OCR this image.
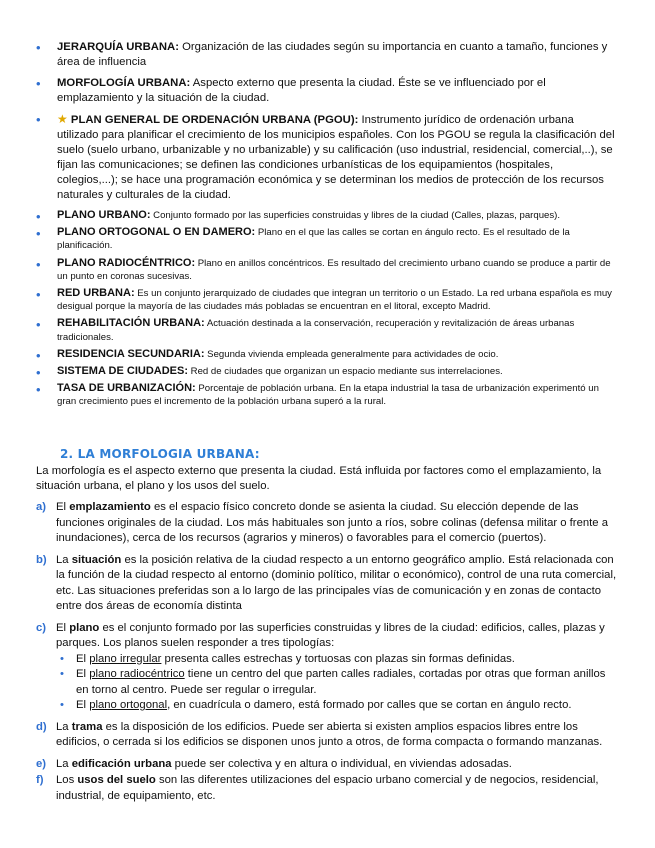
• JERARQUÍA URBANA: Organización de las ciudades según su importancia en cuanto a tamaño, funciones y área de influencia
• MORFOLOGÍA URBANA: Aspecto externo que presenta la ciudad. Éste se ve influenciado por el emplazamiento y la situación de la ciudad.
• ★ PLAN GENERAL DE ORDENACIÓN URBANA (PGOU): Instrumento jurídico de ordenación urbana utilizado para planificar el crecimiento de los municipios españoles. Con los PGOU se regula la clasificación del suelo (suelo urbano, urbanizable y no urbanizable) y su calificación (uso industrial, residencial, comercial,..), se fijan las comunicaciones; se definen las condiciones urbanísticas de los equipamientos (hospitales, colegios,...); se hace una programación económica y se determinan los medios de protección de los recursos naturales y culturales de la ciudad.
• PLANO URBANO: Conjunto formado por las superficies construidas y libres de la ciudad (Calles, plazas, parques).
• PLANO ORTOGONAL O EN DAMERO: Plano en el que las calles se cortan en ángulo recto. Es el resultado de la planificación.
• PLANO RADIOCÉNTRICO: Plano en anillos concéntricos. Es resultado del crecimiento urbano cuando se produce a partir de un punto en coronas sucesivas.
• RED URBANA: Es un conjunto jerarquizado de ciudades que integran un territorio o un Estado. La red urbana española es muy desigual porque la mayoría de las ciudades más pobladas se encuentran en el litoral, excepto Madrid.
• REHABILITACIÓN URBANA: Actuación destinada a la conservación, recuperación y revitalización de áreas urbanas tradicionales.
• RESIDENCIA SECUNDARIA: Segunda vivienda empleada generalmente para actividades de ocio.
• SISTEMA DE CIUDADES: Red de ciudades que organizan un espacio mediante sus interrelaciones.
• TASA DE URBANIZACIÓN: Porcentaje de población urbana. En la etapa industrial la tasa de urbanización experimentó un gran crecimiento pues el incremento de la población urbana superó a la rural.
2. LA MORFOLOGIA URBANA:

La morfología es el aspecto externo que presenta la ciudad. Está influida por factores como el emplazamiento, la situación urbana, el plano y los usos del suelo.

a) El emplazamiento es el espacio físico concreto donde se asienta la ciudad. Su elección depende de las funciones originales de la ciudad. Los más habituales son junto a ríos, sobre colinas (defensa militar o frente a inundaciones), cerca de los recursos (agrarios y mineros) o favorables para el comercio (puertos).
b) La situación es la posición relativa de la ciudad respecto a un entorno geográfico amplio. Está relacionada con la función de la ciudad respecto al entorno (dominio político, militar o económico), control de una ruta comercial, etc. Las situaciones preferidas son a lo largo de las principales vías de comunicación y en zonas de contacto entre dos áreas de economía distinta
c) El plano es el conjunto formado por las superficies construidas y libres de la ciudad: edificios, calles, plazas y parques. Los planos suelen responder a tres tipologías:
• El plano irregular presenta calles estrechas y tortuosas con plazas sin formas definidas.
• El plano radiocéntrico tiene un centro del que parten calles radiales, cortadas por otras que forman anillos en torno al centro. Puede ser regular o irregular.
• El plano ortogonal, en cuadrícula o damero, está formado por calles que se cortan en ángulo recto.
d) La trama es la disposición de los edificios. Puede ser abierta si existen amplios espacios libres entre los edificios, o cerrada si los edificios se disponen unos junto a otros, de forma compacta o formando manzanas.
e) La edificación urbana puede ser colectiva y en altura o individual, en viviendas adosadas.
f) Los usos del suelo son las diferentes utilizaciones del espacio urbano comercial y de negocios, residencial, industrial, de equipamiento, etc.
